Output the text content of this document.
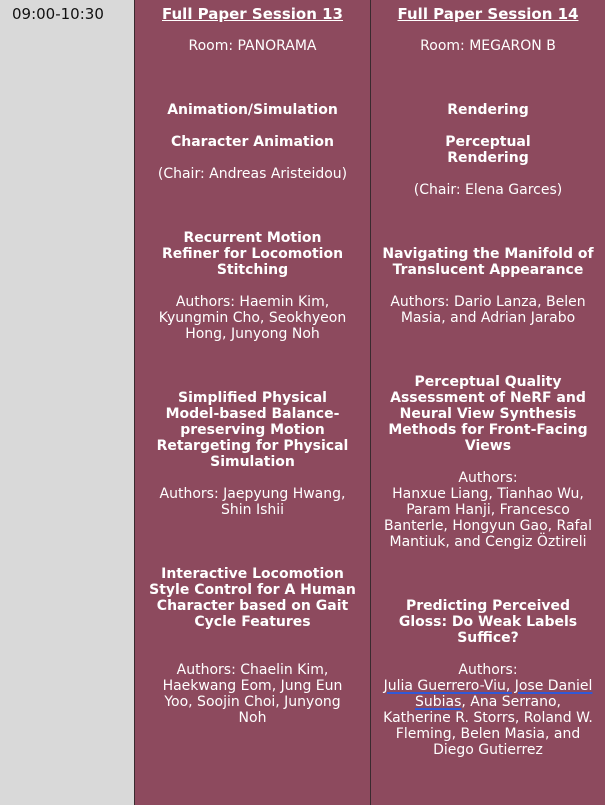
09:00-10:30	Full Paper Session 13
Room: PANORAMA
Animation/Simulation
Character Animation
(Chair: Andreas Aristeidou)
Recurrent Motion Refiner for Locomotion Stitching
Authors: Haemin Kim, Kyungmin Cho, Seokhyeon Hong, Junyong Noh
Simplified Physical Model-based Balance-preserving Motion Retargeting for Physical Simulation
Authors: Jaepyung Hwang, Shin Ishii
Interactive Locomotion Style Control for A Human Character based on Gait Cycle Features
Authors: Chaelin Kim, Haekwang Eom, Jung Eun Yoo, Soojin Choi, Junyong Noh
Full Paper Session 14
Room: MEGARON B
Rendering
Perceptual Rendering
(Chair: Elena Garces)
Navigating the Manifold of Translucent Appearance
Authors: Dario Lanza, Belen Masia, and Adrian Jarabo
Perceptual Quality Assessment of NeRF and Neural View Synthesis Methods for Front-Facing Views
Authors:
Hanxue Liang, Tianhao Wu, Param Hanji, Francesco Banterle, Hongyun Gao, Rafal Mantiuk, and Cengiz Öztireli
Predicting Perceived Gloss: Do Weak Labels Suffice?
Authors:
Julia Guerrero-Viu, Jose Daniel Subias, Ana Serrano, Katherine R. Storrs, Roland W. Fleming, Belen Masia, and Diego Gutierrez
